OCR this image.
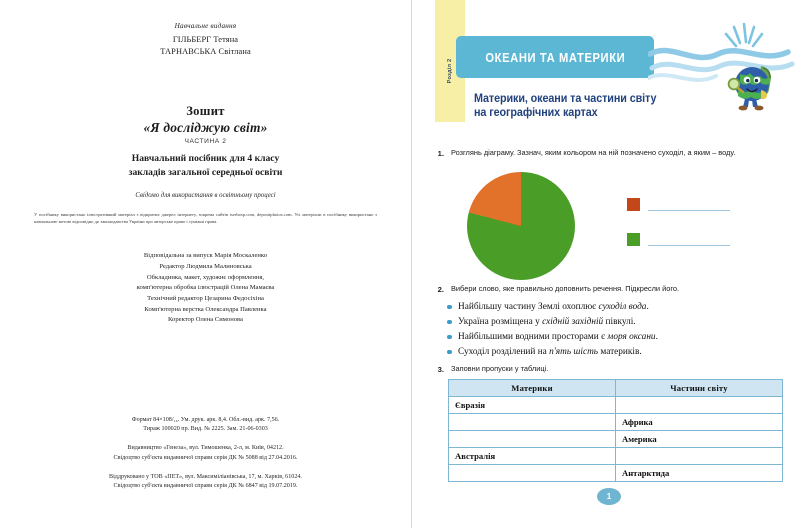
Навчальне видання
ГІЛЬБЕРГ Тетяна
ТАРНАВСЬКА Світлана
Зошит
«Я досліджую світ»
ЧАСТИНА 2
Навчальний посібник для 4 класу
закладів загальної середньої освіти
Свідомо для використання в освітньому процесі
У посібнику використано ілюстративний матеріал з відкритих джерел інтернету, зокрема сайтів iserhosp.com, depositphotos.com. Усі матеріали в посібнику використано з навчальною метою відповідно до законодавства України про авторське право і суміжні права.
Відповідальна за випуск Марія Москаленко
Редактор Людмила Малиновська
Обкладинка, макет, художнє оформлення,
комп'ютерна обробка ілюстрацій Олена Мамаєва
Технічний редактор Цезарина Федосіхіна
Комп'ютерна верстка Олександра Павленка
Коректор Олена Симонова
Формат 84×108/₁₆. Ум. друк. арк. 8,4. Обл.-вид. арк. 7,56.
Тираж 100020 пр. Вид. № 2225. Зам. 21-06-0303
Видавництво «Генеза», вул. Тимошенка, 2-л, м. Київ, 04212.
Свідоцтво суб'єкта видавничої справи серія ДК № 5088 від 27.04.2016.
Віддруковано у ТОВ «ПЕТ», вул. Максиміліанівська, 17, м. Харків, 61024.
Свідоцтво суб'єкта видавничої справи серія ДК № 6847 від 19.07.2019.
Розділ 2
ОКЕАНИ ТА МАТЕРИКИ
Материки, океани та частини світу
на географічних картах
1. Розглянь діаграму. Зазнач, яким кольором на ній позначено суходіл, а яким – воду.
2. Вибери слово, яке правильно доповнить речення. Підкресли його.
Найбільшу частину Землі охоплює суходіл вода.
Україна розміщена у східній західній півкулі.
Найбільшими водними просторами є моря оксани.
Суходіл розділений на п'ять шість материків.
3. Заповни пропуски у таблиці.
Материки	Частини світу
Євразія	
	Африка
	Америка
Австралія	
	Антарктида
1
